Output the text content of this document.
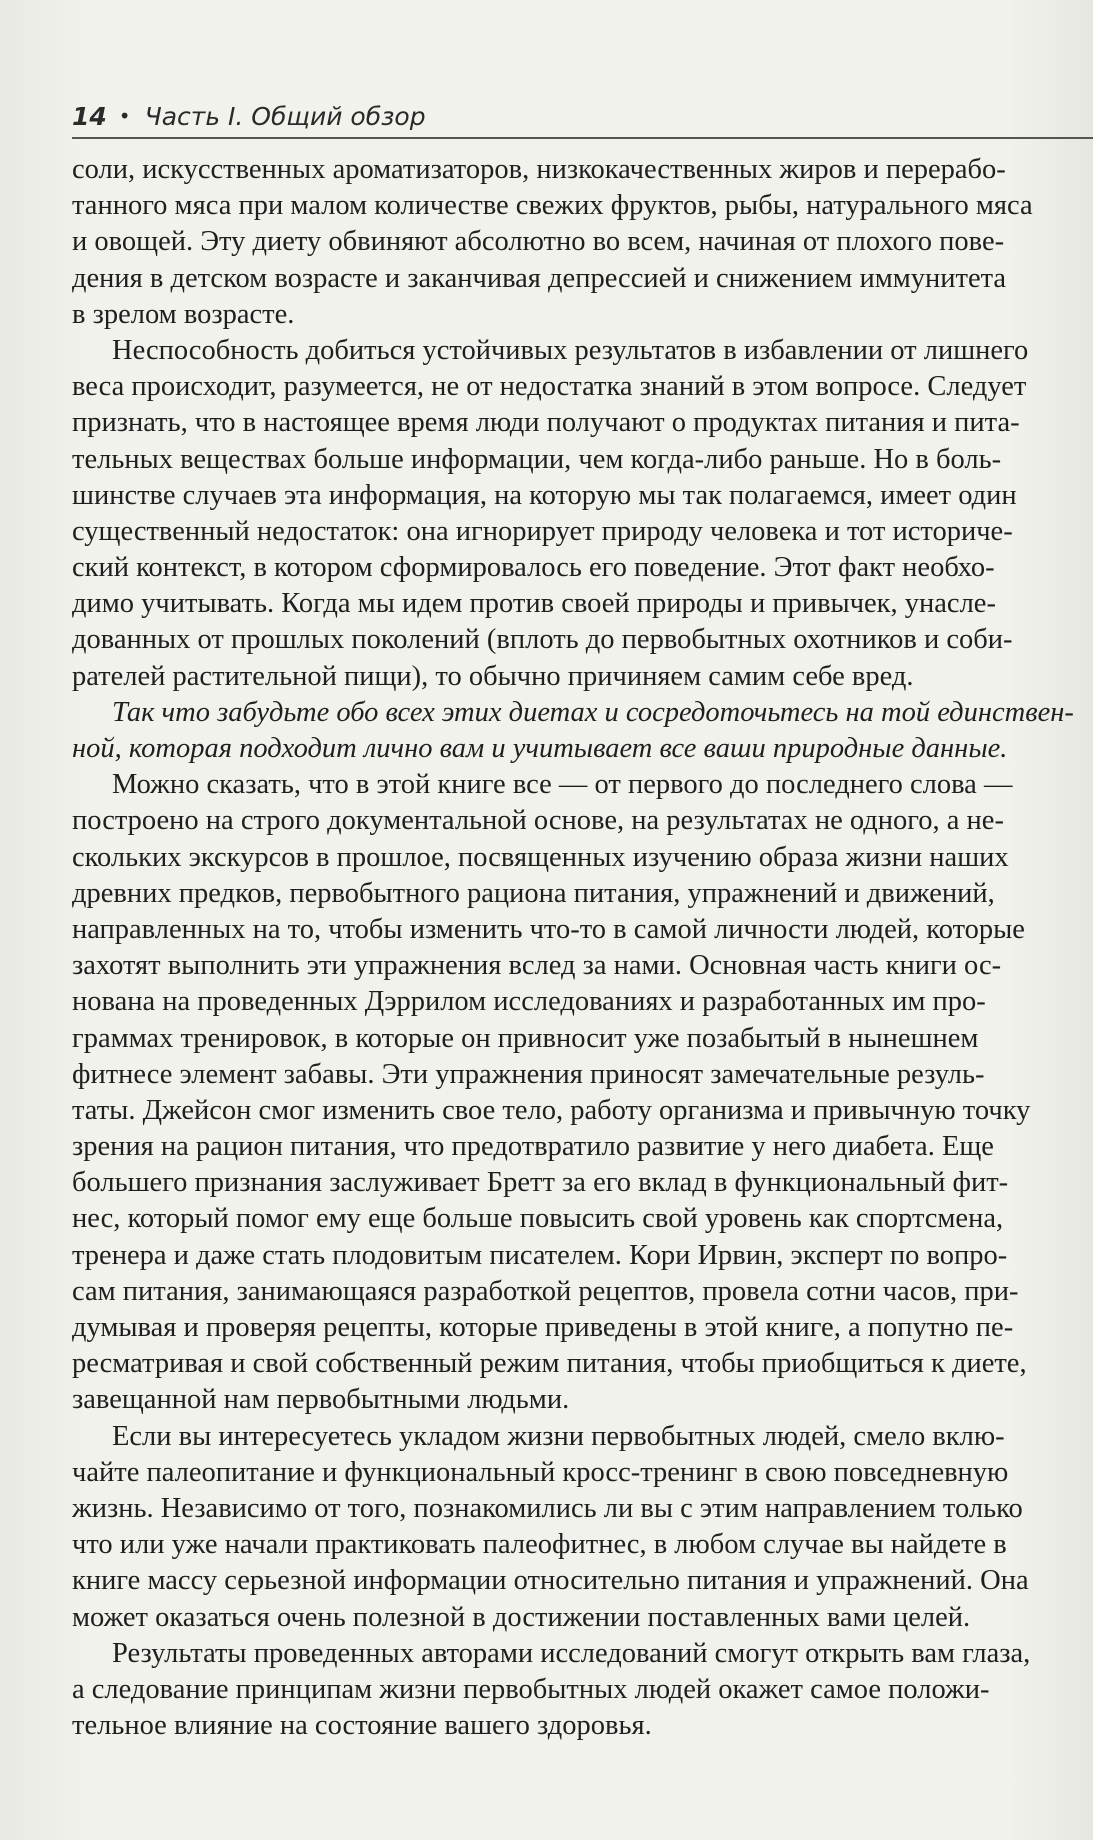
14 • Часть I. Общий обзор
соли, искусственных ароматизаторов, низкокачественных жиров и перерабо-
танного мяса при малом количестве свежих фруктов, рыбы, натурального мяса
и овощей. Эту диету обвиняют абсолютно во всем, начиная от плохого пове-
дения в детском возрасте и заканчивая депрессией и снижением иммунитета
в зрелом возрасте.
Неспособность добиться устойчивых результатов в избавлении от лишнего
веса происходит, разумеется, не от недостатка знаний в этом вопросе. Следует
признать, что в настоящее время люди получают о продуктах питания и пита-
тельных веществах больше информации, чем когда-либо раньше. Но в боль-
шинстве случаев эта информация, на которую мы так полагаемся, имеет один
существенный недостаток: она игнорирует природу человека и тот историче-
ский контекст, в котором сформировалось его поведение. Этот факт необхо-
димо учитывать. Когда мы идем против своей природы и привычек, унасле-
дованных от прошлых поколений (вплоть до первобытных охотников и соби-
рателей растительной пищи), то обычно причиняем самим себе вред.
Так что забудьте обо всех этих диетах и сосредоточьтесь на той единствен-
ной, которая подходит лично вам и учитывает все ваши природные данные.
Можно сказать, что в этой книге все — от первого до последнего слова —
построено на строго документальной основе, на результатах не одного, а не-
скольких экскурсов в прошлое, посвященных изучению образа жизни наших
древних предков, первобытного рациона питания, упражнений и движений,
направленных на то, чтобы изменить что-то в самой личности людей, которые
захотят выполнить эти упражнения вслед за нами. Основная часть книги ос-
нована на проведенных Дэррилом исследованиях и разработанных им про-
граммах тренировок, в которые он привносит уже позабытый в нынешнем
фитнесе элемент забавы. Эти упражнения приносят замечательные резуль-
таты. Джейсон смог изменить свое тело, работу организма и привычную точку
зрения на рацион питания, что предотвратило развитие у него диабета. Еще
большего признания заслуживает Бретт за его вклад в функциональный фит-
нес, который помог ему еще больше повысить свой уровень как спортсмена,
тренера и даже стать плодовитым писателем. Кори Ирвин, эксперт по вопро-
сам питания, занимающаяся разработкой рецептов, провела сотни часов, при-
думывая и проверяя рецепты, которые приведены в этой книге, а попутно пе-
ресматривая и свой собственный режим питания, чтобы приобщиться к диете,
завещанной нам первобытными людьми.
Если вы интересуетесь укладом жизни первобытных людей, смело вклю-
чайте палеопитание и функциональный кросс-тренинг в свою повседневную
жизнь. Независимо от того, познакомились ли вы с этим направлением только
что или уже начали практиковать палеофитнес, в любом случае вы найдете в
книге массу серьезной информации относительно питания и упражнений. Она
может оказаться очень полезной в достижении поставленных вами целей.
Результаты проведенных авторами исследований смогут открыть вам глаза,
а следование принципам жизни первобытных людей окажет самое положи-
тельное влияние на состояние вашего здоровья.
